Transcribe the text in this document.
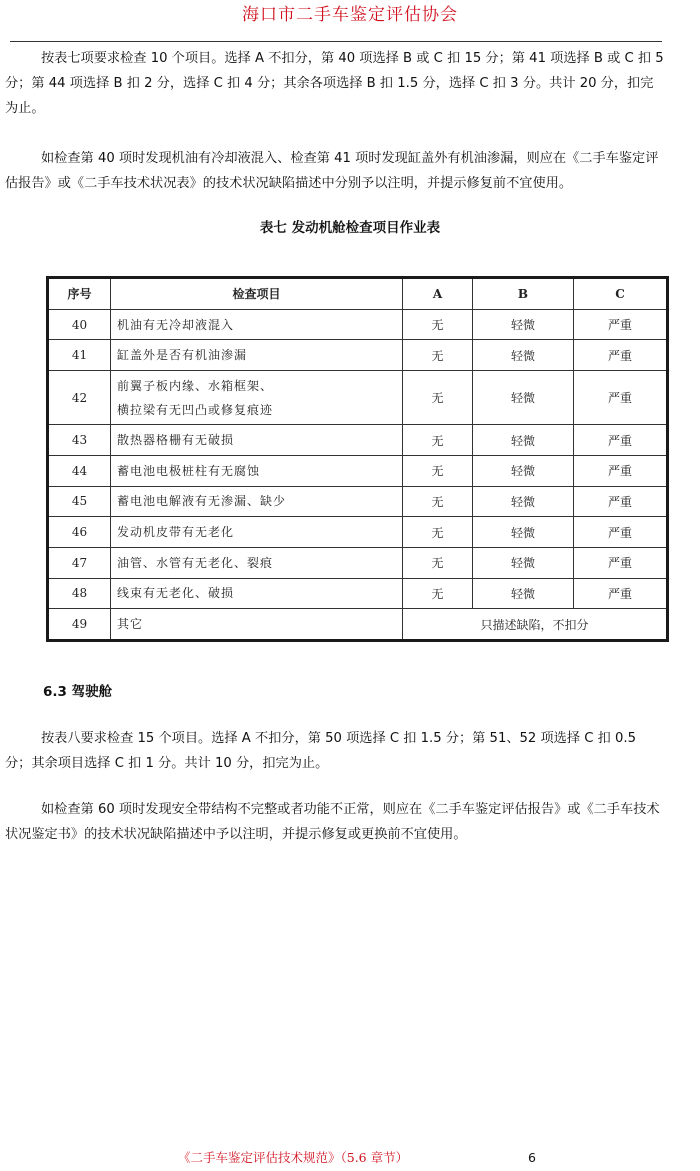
海口市二手车鉴定评估协会

按表七项要求检查 10 个项目。选择 A 不扣分，第 40 项选择 B 或 C 扣 15 分；第 41 项选择 B 或 C 扣 5 分；第 44 项选择 B 扣 2 分，选择 C 扣 4 分；其余各项选择 B 扣 1.5 分，选择 C 扣 3 分。共计 20 分，扣完为止。

如检查第 40 项时发现机油有冷却液混入、检查第 41 项时发现缸盖外有机油渗漏，则应在《二手车鉴定评估报告》或《二手车技术状况表》的技术状况缺陷描述中分别予以注明，并提示修复前不宜使用。

表七 发动机舱检查项目作业表
序号	检查项目	A	B	C
40	机油有无冷却液混入	无	轻微	严重
41	缸盖外是否有机油渗漏	无	轻微	严重
42	前翼子板内缘、水箱框架、
横拉梁有无凹凸或修复痕迹	无	轻微	严重
43	散热器格栅有无破损	无	轻微	严重
44	蓄电池电极桩柱有无腐蚀	无	轻微	严重
45	蓄电池电解液有无渗漏、缺少	无	轻微	严重
46	发动机皮带有无老化	无	轻微	严重
47	油管、水管有无老化、裂痕	无	轻微	严重
48	线束有无老化、破损	无	轻微	严重
49	其它	只描述缺陷，不扣分		
6.3 驾驶舱

按表八要求检查 15 个项目。选择 A 不扣分，第 50 项选择 C 扣 1.5 分；第 51、52 项选择 C 扣 0.5 分；其余项目选择 C 扣 1 分。共计 10 分，扣完为止。

如检查第 60 项时发现安全带结构不完整或者功能不正常，则应在《二手车鉴定评估报告》或《二手车技术状况鉴定书》的技术状况缺陷描述中予以注明，并提示修复或更换前不宜使用。

《二手车鉴定评估技术规范》（5.6 章节）	6
